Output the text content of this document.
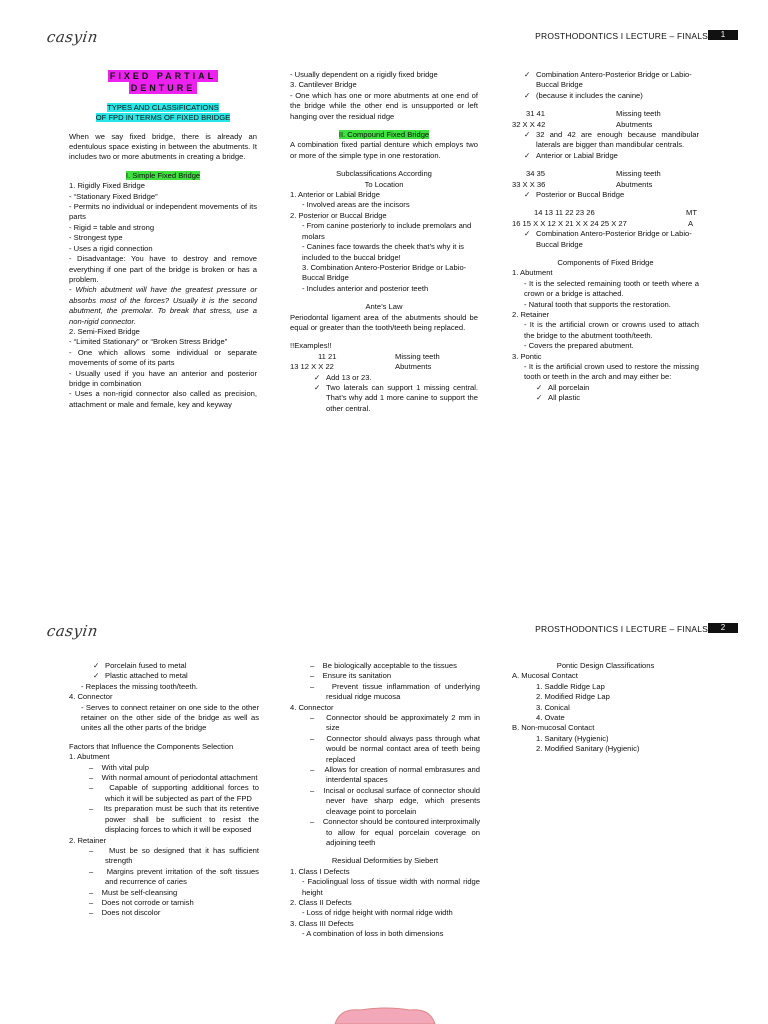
casyin	PROSTHODONTICS I LECTURE – FINALS	1

FIXED PARTIAL

DENTURE

TYPES AND CLASSIFICATIONS

OF FPD IN TERMS OF FIXED BRIDGE

When we say fixed bridge, there is already an edentulous space existing in between the abutments. It includes two or more abutments in creating a bridge.

I. Simple Fixed Bridge

1. Rigidly Fixed Bridge

- “Stationary Fixed Bridge”

- Permits no individual or independent movements of its parts

- Rigid = table and strong

- Strongest type

- Uses a rigid connection

- Disadvantage: You have to destroy and remove everything if one part of the bridge is broken or has a problem.

- Which abutment will have the greatest pressure or absorbs most of the forces? Usually it is the second abutment, the premolar. To break that stress, use a non-rigid connector.

2. Semi-Fixed Bridge

- “Limited Stationary” or “Broken Stress Bridge”

- One which allows some individual or separate movements of some of its parts

- Usually used if you have an anterior and posterior bridge in combination

- Uses a non-rigid connector also called as precision, attachment or male and female, key and keyway

- Usually dependent on a rigidly fixed bridge

3. Cantilever Bridge

- One which has one or more abutments at one end of the bridge while the other end is unsupported or left hanging over the residual ridge

II. Compound Fixed Bridge

A combination fixed partial denture which employs two or more of the simple type in one restoration.

Subclassifications According

To Location

1. Anterior or Labial Bridge

- Involved areas are the incisors

2. Posterior or Buccal Bridge

- From canine posteriorly to include premolars and molars

- Canines face towards the cheek that’s why it is included to the buccal bridge!

3. Combination Antero-Posterior Bridge or Labio-Buccal Bridge

- Includes anterior and posterior teeth

Ante’s Law

Periodontal ligament area of the abutments should be equal or greater than the tooth/teeth being replaced.

!!Examples!!

11 21	Missing teeth
13 12 X X 22	Abutments

✓ Add 13 or 23.

✓ Two laterals can support 1 missing central. That’s why add 1 more canine to support the other central.

✓ Combination Antero-Posterior Bridge or Labio-Buccal Bridge

✓ (because it includes the canine)

31 41	Missing teeth
32 X X 42	Abutments

✓ 32 and 42 are enough because mandibular laterals are bigger than mandibular centrals.

✓ Anterior or Labial Bridge

34 35	Missing teeth
33 X X 36	Abutments

✓ Posterior or Buccal Bridge

14 13 11 22 23 26	MT
16 15 X X 12 X 21 X X 24 25 X 27	A

✓ Combination Antero-Posterior Bridge or Labio-Buccal Bridge

Components of Fixed Bridge

1. Abutment

- It is the selected remaining tooth or teeth where a crown or a bridge is attached.

- Natural tooth that supports the restoration.

2. Retainer

- It is the artificial crown or crowns used to attach the bridge to the abutment tooth/teeth.

- Covers the prepared abutment.

3. Pontic

- It is the artificial crown used to restore the missing tooth or teeth in the arch and may either be:

✓ All porcelain

✓ All plastic

casyin	PROSTHODONTICS I LECTURE – FINALS	2

✓ Porcelain fused to metal

✓ Plastic attached to metal

- Replaces the missing tooth/teeth.

4. Connector

- Serves to connect retainer on one side to the other retainer on the other side of the bridge as well as unites all the other parts of the bridge

Factors that Influence the Components Selection

1. Abutment

–    With vital pulp

–    With normal amount of periodontal attachment

–    Capable of supporting additional forces to which it will be subjected as part of the FPD

–    Its preparation must be such that its retentive power shall be sufficient to resist the displacing forces to which it will be exposed

2. Retainer

–    Must be so designed that it has sufficient strength

–    Margins prevent irritation of the soft tissues and recurrence of caries

–    Must be self-cleansing

–    Does not corrode or tarnish

–    Does not discolor

–    Be biologically acceptable to the tissues

–    Ensure its sanitation

–    Prevent tissue inflammation of underlying residual ridge mucosa

4. Connector

–    Connector should be approximately 2 mm in size

–    Connector should always pass through what would be normal contact area of teeth being replaced

–    Allows for creation of normal embrasures and interdental spaces

–    Incisal or occlusal surface of connector should never have sharp edge, which presents cleavage point to porcelain

–    Connector should be contoured interproximally to allow for equal porcelain coverage on adjoining teeth

Residual Deformities by Siebert

1. Class I Defects

- Faciolingual loss of tissue width with normal ridge height

2. Class II Defects

- Loss of ridge height with normal ridge width

3. Class III Defects

- A combination of loss in both dimensions

Pontic Design Classifications

A. Mucosal Contact

1. Saddle Ridge Lap

2. Modified Ridge Lap

3. Conical

4. Ovate

B. Non-mucosal Contact

1. Sanitary (Hygienic)

2. Modified Sanitary (Hygienic)
